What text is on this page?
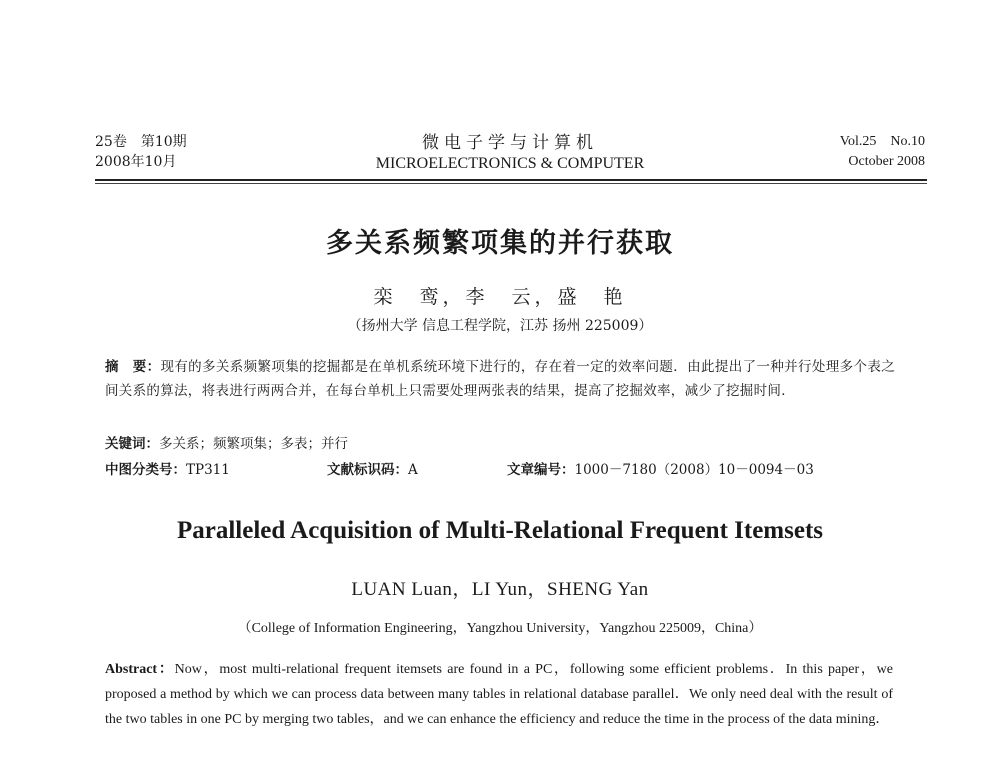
25卷　第10期
2008年10月
微电子学与计算机
MICROELECTRONICS & COMPUTER
Vol.25　No.10
October 2008
多关系频繁项集的并行获取
栾　鸾，李　云，盛　艳
（扬州大学 信息工程学院，江苏 扬州 225009）
摘　要：现有的多关系频繁项集的挖掘都是在单机系统环境下进行的，存在着一定的效率问题．由此提出了一种并行处理多个表之间关系的算法，将表进行两两合并，在每台单机上只需要处理两张表的结果，提高了挖掘效率，减少了挖掘时间．
关键词：多关系；频繁项集；多表；并行
中图分类号：TP311	文献标识码：A	文章编号：1000－7180（2008）10－0094－03
Paralleled Acquisition of Multi-Relational Frequent Itemsets
LUAN Luan，LI Yun，SHENG Yan
（College of Information Engineering，Yangzhou University，Yangzhou 225009，China）
Abstract：Now，most multi-relational frequent itemsets are found in a PC，following some efficient problems．In this paper，we proposed a method by which we can process data between many tables in relational database parallel．We only need deal with the result of the two tables in one PC by merging two tables，and we can enhance the efficiency and reduce the time in the process of the data mining．
